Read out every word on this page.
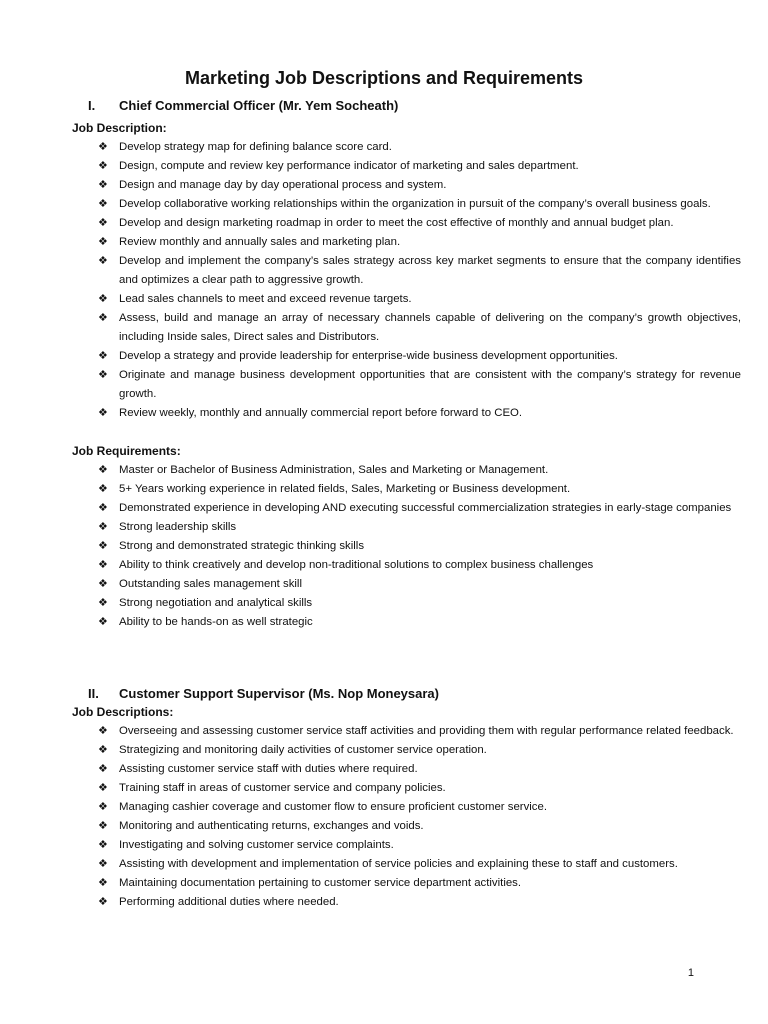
Marketing Job Descriptions and Requirements
I.	Chief Commercial Officer (Mr. Yem Socheath)
Job Description:
❖ Develop strategy map for defining balance score card.
❖ Design, compute and review key performance indicator of marketing and sales department.
❖ Design and manage day by day operational process and system.
❖ Develop collaborative working relationships within the organization in pursuit of the company’s overall business goals.
❖ Develop and design marketing roadmap in order to meet the cost effective of monthly and annual budget plan.
❖ Review monthly and annually sales and marketing plan.
❖ Develop and implement the company’s sales strategy across key market segments to ensure that the company identifies and optimizes a clear path to aggressive growth.
❖ Lead sales channels to meet and exceed revenue targets.
❖ Assess, build and manage an array of necessary channels capable of delivering on the company’s growth objectives, including Inside sales, Direct sales and Distributors.
❖ Develop a strategy and provide leadership for enterprise-wide business development opportunities.
❖ Originate and manage business development opportunities that are consistent with the company’s strategy for revenue growth.
❖ Review weekly, monthly and annually commercial report before forward to CEO.
Job Requirements:
❖ Master or Bachelor of Business Administration, Sales and Marketing or Management.
❖ 5+ Years working experience in related fields, Sales, Marketing or Business development.
❖ Demonstrated experience in developing AND executing successful commercialization strategies in early-stage companies
❖ Strong leadership skills
❖ Strong and demonstrated strategic thinking skills
❖ Ability to think creatively and develop non-traditional solutions to complex business challenges
❖ Outstanding sales management skill
❖ Strong negotiation and analytical skills
❖ Ability to be hands-on as well strategic
II.	Customer Support Supervisor (Ms. Nop Moneysara)
Job Descriptions:
❖ Overseeing and assessing customer service staff activities and providing them with regular performance related feedback.
❖ Strategizing and monitoring daily activities of customer service operation.
❖ Assisting customer service staff with duties where required.
❖ Training staff in areas of customer service and company policies.
❖ Managing cashier coverage and customer flow to ensure proficient customer service.
❖ Monitoring and authenticating returns, exchanges and voids.
❖ Investigating and solving customer service complaints.
❖ Assisting with development and implementation of service policies and explaining these to staff and customers.
❖ Maintaining documentation pertaining to customer service department activities.
❖ Performing additional duties where needed.
1
